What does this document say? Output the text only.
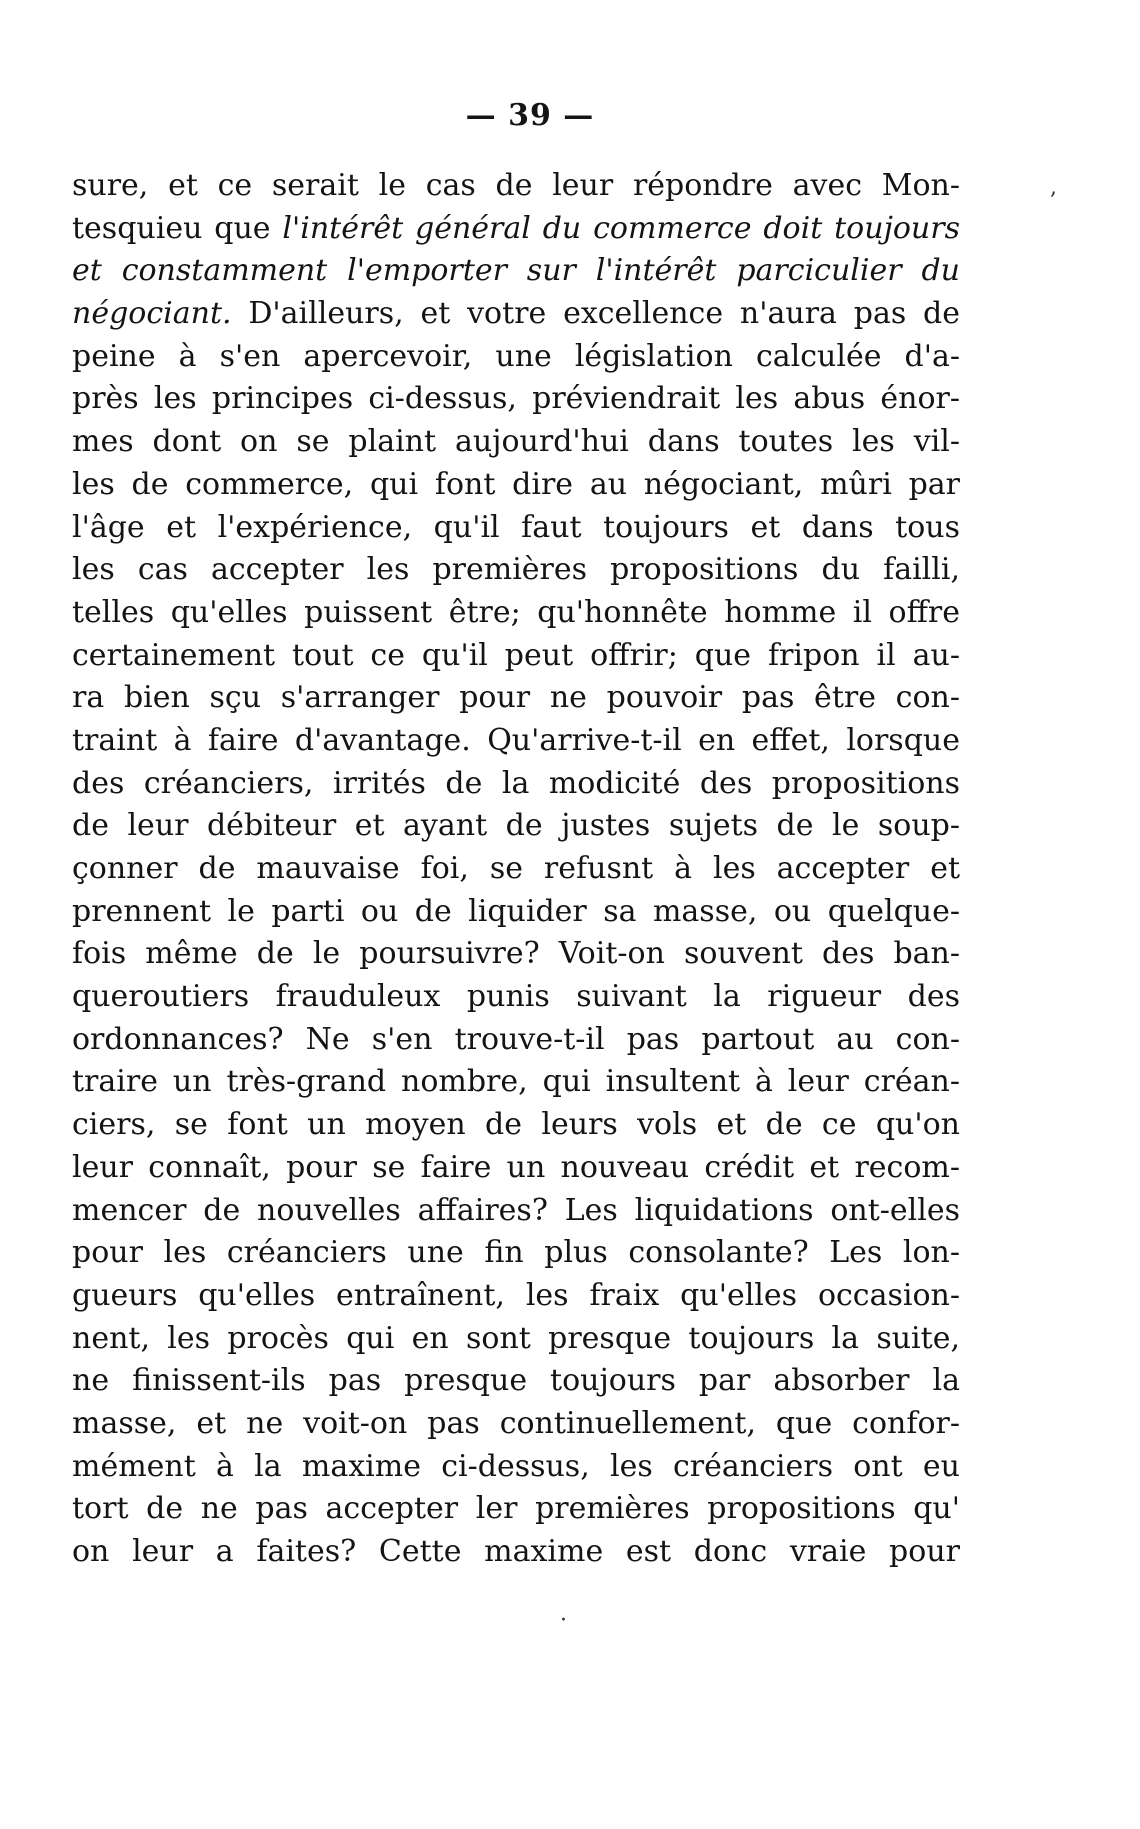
— 39 —
sure, et ce serait le cas de leur répondre avec Mon-
tesquieu que l'intérêt général du commerce doit toujours
et constamment l'emporter sur l'intérêt parciculier du
négociant. D'ailleurs, et votre excellence n'aura pas de
peine à s'en apercevoir, une législation calculée d'a-
près les principes ci-dessus, préviendrait les abus énor-
mes dont on se plaint aujourd'hui dans toutes les vil-
les de commerce, qui font dire au négociant, mûri par
l'âge et l'expérience, qu'il faut toujours et dans tous
les cas accepter les premières propositions du failli,
telles qu'elles puissent être; qu'honnête homme il offre
certainement tout ce qu'il peut offrir; que fripon il au-
ra bien sçu s'arranger pour ne pouvoir pas être con-
traint à faire d'avantage. Qu'arrive-t-il en effet, lorsque
des créanciers, irrités de la modicité des propositions
de leur débiteur et ayant de justes sujets de le soup-
çonner de mauvaise foi, se refusnt à les accepter et
prennent le parti ou de liquider sa masse, ou quelque-
fois même de le poursuivre? Voit-on souvent des ban-
queroutiers frauduleux punis suivant la rigueur des
ordonnances? Ne s'en trouve-t-il pas partout au con-
traire un très-grand nombre, qui insultent à leur créan-
ciers, se font un moyen de leurs vols et de ce qu'on
leur connaît, pour se faire un nouveau crédit et recom-
mencer de nouvelles affaires? Les liquidations ont-elles
pour les créanciers une fin plus consolante? Les lon-
gueurs qu'elles entraînent, les fraix qu'elles occasion-
nent, les procès qui en sont presque toujours la suite,
ne finissent-ils pas presque toujours par absorber la
masse, et ne voit-on pas continuellement, que confor-
mément à la maxime ci-dessus, les créanciers ont eu
tort de ne pas accepter ler premières propositions qu'
on leur a faites? Cette maxime est donc vraie pour
,
·
